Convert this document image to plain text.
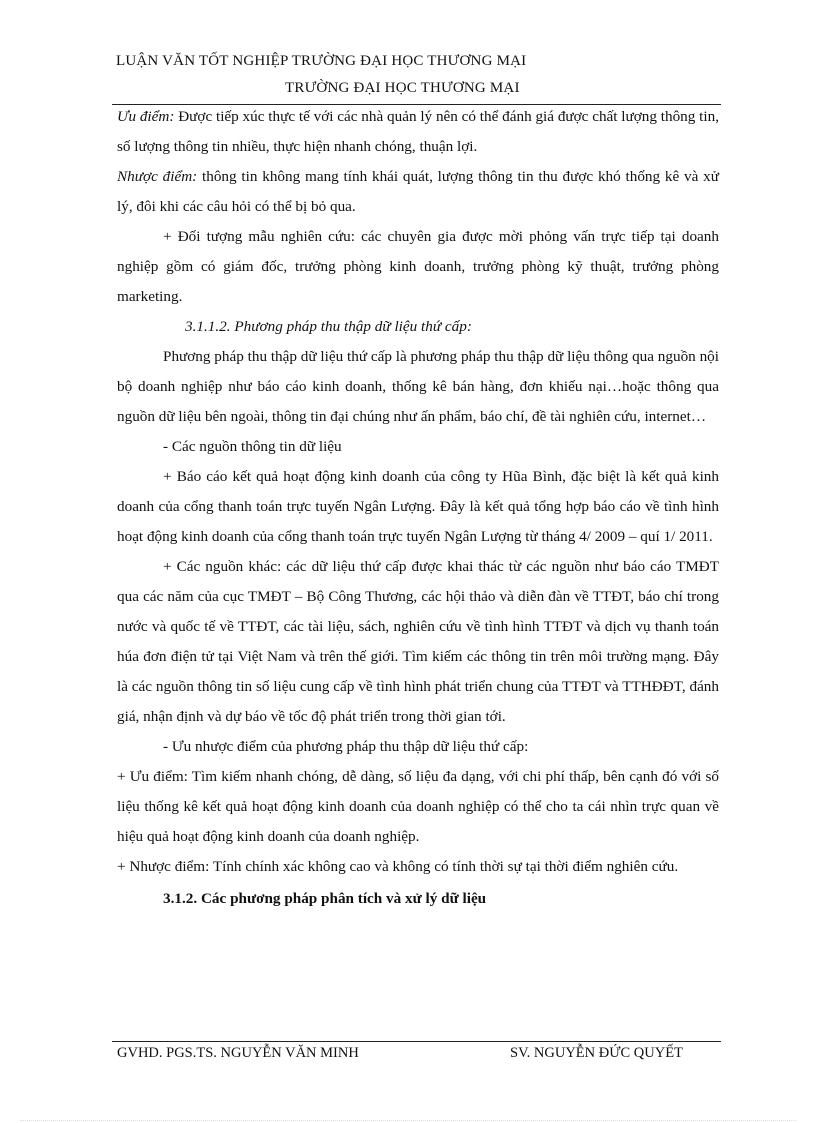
LUẬN VĂN TỐT NGHIỆP TRƯỜNG ĐẠI HỌC THƯƠNG MẠI
TRƯỜNG ĐẠI HỌC THƯƠNG MẠI

Ưu điểm: Được tiếp xúc thực tế với các nhà quản lý nên có thể đánh giá được chất lượng thông tin, số lượng thông tin nhiều, thực hiện nhanh chóng, thuận lợi.

Nhược điểm: thông tin không mang tính khái quát, lượng thông tin thu được khó thống kê và xử lý, đôi khi các câu hỏi có thể bị bỏ qua.

+ Đối tượng mẫu nghiên cứu: các chuyên gia được mời phỏng vấn trực tiếp tại doanh nghiệp gồm có giám đốc, trưởng phòng kinh doanh, trưởng phòng kỹ thuật, trưởng phòng marketing.

3.1.1.2. Phương pháp thu thập dữ liệu thứ cấp:

Phương pháp thu thập dữ liệu thứ cấp là phương pháp thu thập dữ liệu thông qua nguồn nội bộ doanh nghiệp như báo cáo kinh doanh, thống kê bán hàng, đơn khiếu nại…hoặc thông qua nguồn dữ liệu bên ngoài, thông tin đại chúng như ấn phẩm, báo chí, đề tài nghiên cứu, internet…

- Các nguồn thông tin dữ liệu

+ Báo cáo kết quả hoạt động kinh doanh của công ty Hũa Bình, đặc biệt là kết quả kinh doanh của cổng thanh toán trực tuyến Ngân Lượng. Đây là kết quả tổng hợp báo cáo về tình hình hoạt động kinh doanh của cổng thanh toán trực tuyến Ngân Lượng từ tháng 4/ 2009 – quí 1/ 2011.

+ Các nguồn khác: các dữ liệu thứ cấp được khai thác từ các nguồn như báo cáo TMĐT qua các năm của cục TMĐT – Bộ Công Thương, các hội thảo và diễn đàn về TTĐT, báo chí trong nước và quốc tế về TTĐT, các tài liệu, sách, nghiên cứu về tình hình TTĐT và dịch vụ thanh toán húa đơn điện tử tại Việt Nam và trên thế giới. Tìm kiếm các thông tin trên môi trường mạng. Đây là các nguồn thông tin số liệu cung cấp về tình hình phát triển chung của TTĐT và TTHĐĐT, đánh giá, nhận định và dự báo về tốc độ phát triển trong thời gian tới.

- Ưu nhược điểm của phương pháp thu thập dữ liệu thứ cấp:

+ Ưu điểm: Tìm kiếm nhanh chóng, dễ dàng, số liệu đa dạng, với chi phí thấp, bên cạnh đó với số liệu thống kê kết quả hoạt động kinh doanh của doanh nghiệp có thể cho ta cái nhìn trực quan về hiệu quả hoạt động kinh doanh của doanh nghiệp.

+ Nhược điểm: Tính chính xác không cao và không có tính thời sự tại thời điểm nghiên cứu.

3.1.2. Các phương pháp phân tích và xử lý dữ liệu

GVHD. PGS.TS. NGUYỄN VĂN MINH	SV. NGUYỄN ĐỨC QUYẾT
